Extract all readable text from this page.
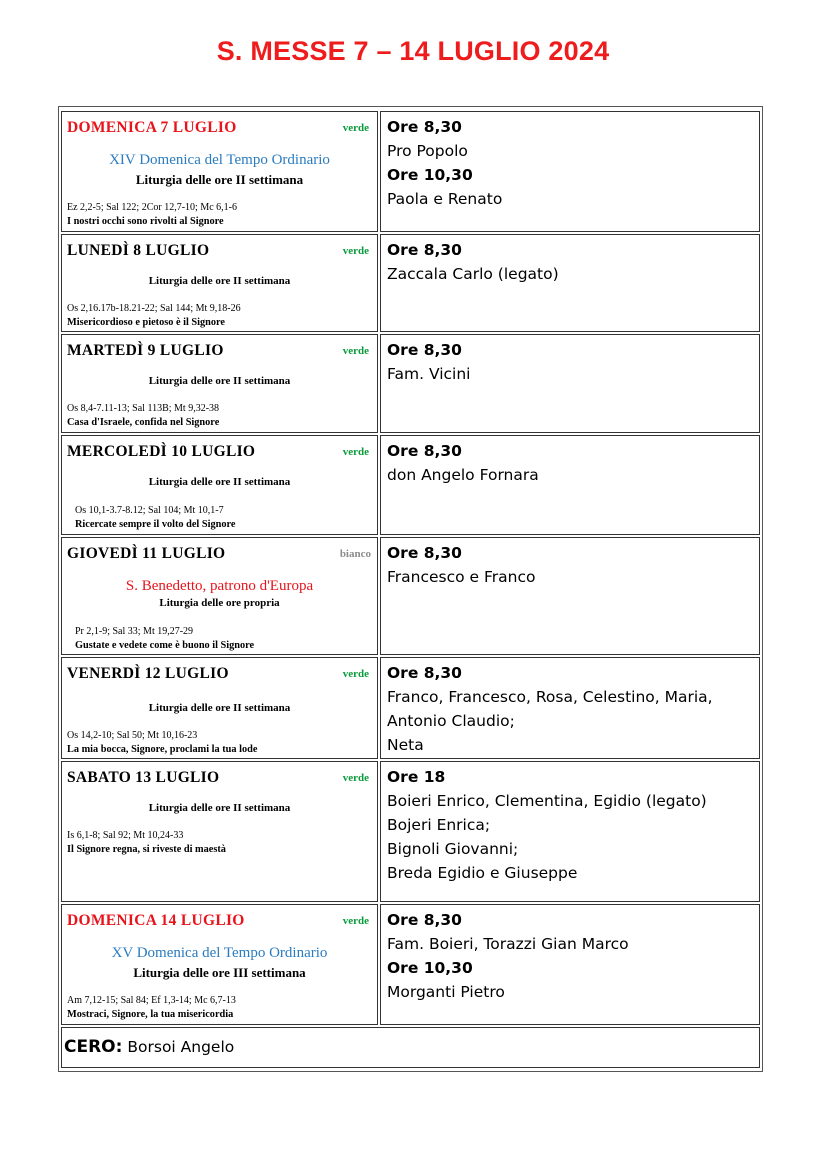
S. MESSE 7 – 14 LUGLIO 2024
DOMENICA 7 LUGLIO	verde
XIV Domenica del Tempo Ordinario
Liturgia delle ore II settimana
Ez 2,2-5; Sal 122; 2Cor 12,7-10; Mc 6,1-6
I nostri occhi sono rivolti al Signore
Ore 8,30
Pro Popolo
Ore 10,30
Paola e Renato
LUNEDÌ 8 LUGLIO	verde
Liturgia delle ore II settimana
Os 2,16.17b-18.21-22; Sal 144; Mt 9,18-26
Misericordioso e pietoso è il Signore
Ore 8,30
Zaccala Carlo (legato)
MARTEDÌ 9 LUGLIO	verde
Liturgia delle ore II settimana
Os 8,4-7.11-13; Sal 113B; Mt 9,32-38
Casa d'Israele, confida nel Signore
Ore 8,30
Fam. Vicini
MERCOLEDÌ 10 LUGLIO	verde
Liturgia delle ore II settimana
Os 10,1-3.7-8.12; Sal 104; Mt 10,1-7
Ricercate sempre il volto del Signore
Ore 8,30
don Angelo Fornara
GIOVEDÌ 11 LUGLIO	bianco
S. Benedetto, patrono d'Europa
Liturgia delle ore propria
Pr 2,1-9; Sal 33; Mt 19,27-29
Gustate e vedete come è buono il Signore
Ore 8,30
Francesco e Franco
VENERDÌ 12 LUGLIO	verde
Liturgia delle ore II settimana
Os 14,2-10; Sal 50; Mt 10,16-23
La mia bocca, Signore, proclami la tua lode
Ore 8,30
Franco, Francesco, Rosa, Celestino, Maria,
Antonio Claudio;
Neta
SABATO 13 LUGLIO	verde
Liturgia delle ore II settimana
Is 6,1-8; Sal 92; Mt 10,24-33
Il Signore regna, si riveste di maestà
Ore 18
Boieri Enrico, Clementina, Egidio (legato)
Bojeri Enrica;
Bignoli Giovanni;
Breda Egidio e Giuseppe
DOMENICA 14 LUGLIO	verde
XV Domenica del Tempo Ordinario
Liturgia delle ore III settimana
Am 7,12-15; Sal 84; Ef 1,3-14; Mc 6,7-13
Mostraci, Signore, la tua misericordia
Ore 8,30
Fam. Boieri, Torazzi Gian Marco
Ore 10,30
Morganti Pietro
CERO: Borsoi Angelo
